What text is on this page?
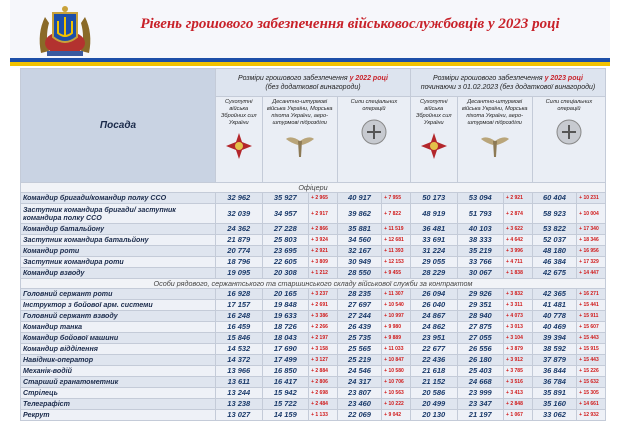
Рівень грошового забезпечення військовослужбовців у 2023 році
Посада	Розміри грошового забезпечення у 2022 році
(без додаткової винагороди)					Розміри грошового забезпечення у 2023 році
починаючи з 01.02.2023 (без додаткової винагороди)				
	Сухопутні війська Збройних сил України	Десантно-штурмові війська України, Морська піхота України, аеро-штурмові підрозділи		Сили спеціальних операцій		Сухопутні війська Збройних сил України	Десантно-штурмові війська України, Морська піхота України, аеро-штурмові підрозділи		Сили спеціальних операцій	

Офіцери										
Командир бригади/командир полку ССО	32 962	35 927	+ 2 965	40 917	+ 7 955	50 173	53 094	+ 2 921	60 404	+ 10 231
Заступник командира бригади/ заступник командира полку ССО	32 039	34 957	+ 2 917	39 862	+ 7 822	48 919	51 793	+ 2 874	58 923	+ 10 004
Командир батальйону	24 362	27 228	+ 2 866	35 881	+ 11 519	36 481	40 103	+ 3 622	53 822	+ 17 340
Заступник командира батальйону	21 879	25 803	+ 3 924	34 560	+ 12 681	33 691	38 333	+ 4 642	52 037	+ 18 346
Командир роти	20 774	23 695	+ 2 921	32 167	+ 11 393	31 224	35 219	+ 3 996	48 180	+ 16 956
Заступник командира роти	18 796	22 605	+ 3 809	30 949	+ 12 153	29 055	33 766	+ 4 711	46 384	+ 17 329
Командир взводу	19 095	20 308	+ 1 212	28 550	+ 9 455	28 229	30 067	+ 1 838	42 675	+ 14 447
Особи рядового, сержантського та старшинського складу військової служби за контрактом										
Головний сержант роти	16 928	20 165	+ 3 237	28 235	+ 11 307	26 094	29 926	+ 3 832	42 365	+ 16 271
Інструктор з бойової арм. системи	17 157	19 848	+ 2 691	27 697	+ 10 540	26 040	29 351	+ 3 311	41 481	+ 15 441
Головний сержант взводу	16 248	19 633	+ 3 386	27 244	+ 10 997	24 867	28 940	+ 4 073	40 778	+ 15 911
Командир танка	16 459	18 726	+ 2 266	26 439	+ 9 980	24 862	27 875	+ 3 013	40 469	+ 15 607
Командир бойової машини	15 846	18 043	+ 2 197	25 735	+ 9 889	23 951	27 055	+ 3 104	39 394	+ 15 443
Командир відділення	14 532	17 690	+ 3 158	25 565	+ 11 033	22 677	26 556	+ 3 879	38 592	+ 15 915
Навідник-оператор	14 372	17 499	+ 3 127	25 219	+ 10 847	22 436	26 180	+ 3 912	37 879	+ 15 443
Механік-водій	13 966	16 850	+ 2 884	24 546	+ 10 580	21 618	25 403	+ 3 785	36 844	+ 15 226
Старший гранатометник	13 611	16 417	+ 2 806	24 317	+ 10 706	21 152	24 668	+ 3 516	36 784	+ 15 632
Стрілець	13 244	15 942	+ 2 698	23 807	+ 10 563	20 586	23 999	+ 3 413	35 891	+ 15 305
Телеграфіст	13 238	15 722	+ 2 484	23 460	+ 10 222	20 499	23 347	+ 2 848	35 160	+ 14 661
Рекрут	13 027	14 159	+ 1 133	22 069	+ 9 042	20 130	21 197	+ 1 067	33 062	+ 12 932
